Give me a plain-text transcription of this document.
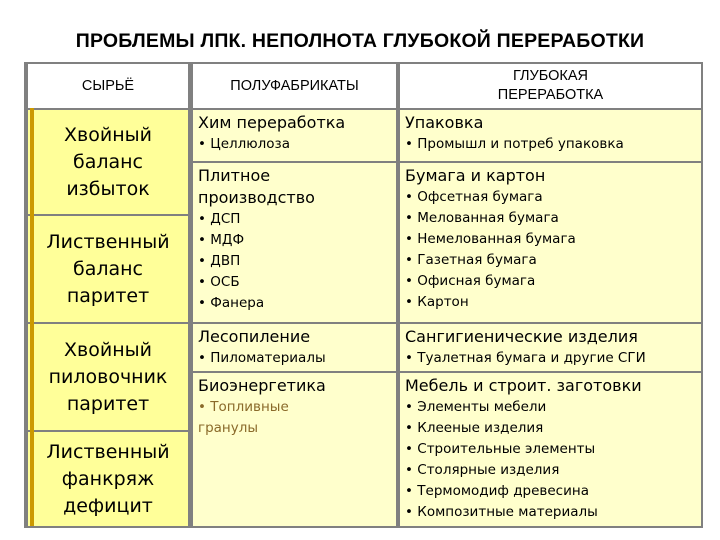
ПРОБЛЕМЫ ЛПК. НЕПОЛНОТА ГЛУБОКОЙ ПЕРЕРАБОТКИ
СЫРЬЁ	ПОЛУФАБРИКАТЫ
ГЛУБОКАЯ ПЕРЕРАБОТКА
Хвойный баланс
избыток
Лиственный баланс
паритет
Хвойный пиловочник
паритет
Лиственный фанкряж
дефицит
Хим переработка
• Целлюлоза
Плитное производство
• ДСП
• МДФ
• ДВП
• ОСБ
• Фанера
Лесопиление
• Пиломатериалы
Биоэнергетика
• Топливные гранулы
Упаковка
• Промышл и потреб упаковка
Бумага и картон
• Офсетная бумага
• Мелованная бумага
• Немелованная бумага
• Газетная бумага
• Офисная бумага
• Картон
Сангигиенические изделия
• Туалетная бумага и другие СГИ
Мебель и строит. заготовки
• Элементы мебели
• Клееные изделия
• Строительные элементы
• Столярные изделия
• Термомодиф древесина
• Композитные материалы
